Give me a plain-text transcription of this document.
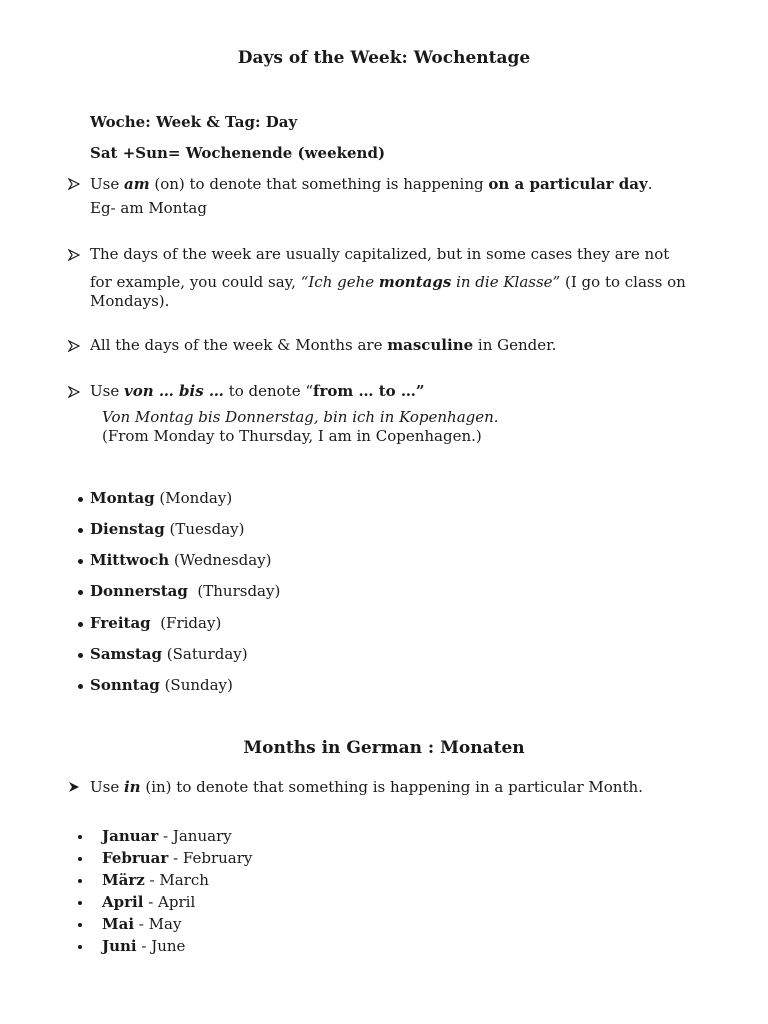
Days of the Week: Wochentage
Woche: Week & Tag: Day
Sat +Sun= Wochenende (weekend)
Use am (on) to denote that something is happening on a particular day.
Eg- am Montag
The days of the week are usually capitalized, but in some cases they are not
for example, you could say, “Ich gehe montags in die Klasse” (I go to class on
Mondays).
All the days of the week & Months are masculine in Gender.
Use von … bis … to denote “from … to …”
Von Montag bis Donnerstag, bin ich in Kopenhagen.
(From Monday to Thursday, I am in Copenhagen.)
Montag (Monday)
Dienstag (Tuesday)
Mittwoch (Wednesday)
Donnerstag  (Thursday)
Freitag  (Friday)
Samstag (Saturday)
Sonntag (Sunday)
Months in German : Monaten
Use in (in) to denote that something is happening in a particular Month.
Januar - January
Februar - February
März - March
April - April
Mai - May
Juni - June
